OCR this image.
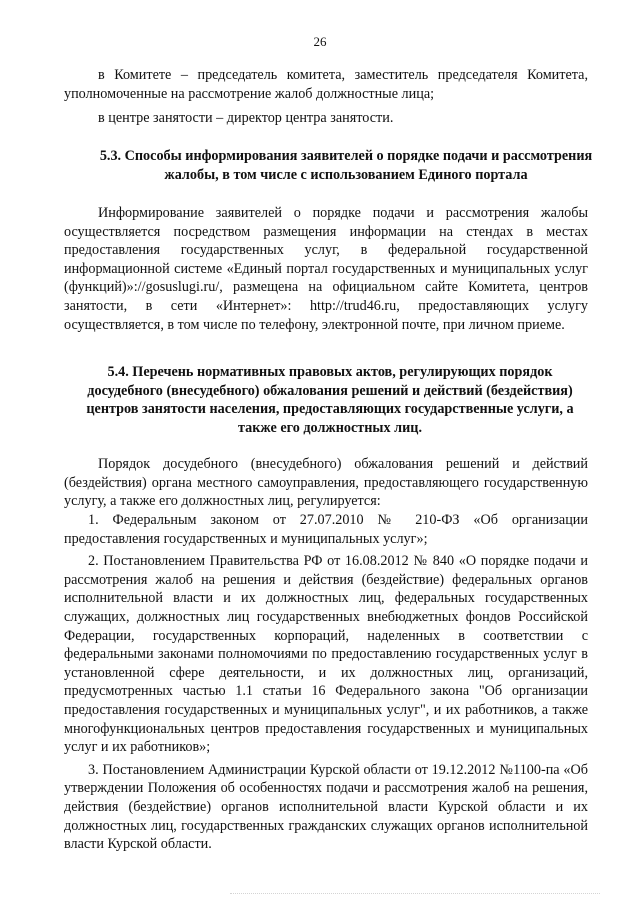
26

в Комитете – председатель комитета, заместитель председателя Комитета, уполномоченные на рассмотрение жалоб должностные лица;

в центре занятости – директор центра занятости.

5.3. Способы информирования заявителей о порядке подачи и рассмотрения жалобы, в том числе с использованием Единого портала

Информирование заявителей о порядке подачи и рассмотрения жалобы осуществляется посредством размещения информации на стендах в местах предоставления государственных услуг, в федеральной государственной информационной системе «Единый портал государственных и муниципальных услуг (функций)»://gosuslugi.ru/, размещена на официальном сайте Комитета, центров занятости, в сети «Интернет»: http://trud46.ru, предоставляющих услугу осуществляется, в том числе по телефону, электронной почте, при личном приеме.

5.4. Перечень нормативных правовых актов, регулирующих порядок досудебного (внесудебного) обжалования решений и действий (бездействия) центров занятости населения, предоставляющих государственные услуги, а также его должностных лиц.

Порядок досудебного (внесудебного) обжалования решений и действий (бездействия) органа местного самоуправления, предоставляющего государственную услугу, а также его должностных лиц, регулируется:

1. Федеральным законом от 27.07.2010 № 210-ФЗ «Об организации предоставления государственных и муниципальных услуг»;

2. Постановлением Правительства РФ от 16.08.2012 № 840 «О порядке подачи и рассмотрения жалоб на решения и действия (бездействие) федеральных органов исполнительной власти и их должностных лиц, федеральных государственных служащих, должностных лиц государственных внебюджетных фондов Российской Федерации, государственных корпораций, наделенных в соответствии с федеральными законами полномочиями по предоставлению государственных услуг в установленной сфере деятельности, и их должностных лиц, организаций, предусмотренных частью 1.1 статьи 16 Федерального закона "Об организации предоставления государственных и муниципальных услуг", и их работников, а также многофункциональных центров предоставления государственных и муниципальных услуг и их работников»;

3. Постановлением Администрации Курской области от 19.12.2012 №1100-па «Об утверждении Положения об особенностях подачи и рассмотрения жалоб на решения, действия (бездействие) органов исполнительной власти Курской области и их должностных лиц, государственных гражданских служащих органов исполнительной власти Курской области.
